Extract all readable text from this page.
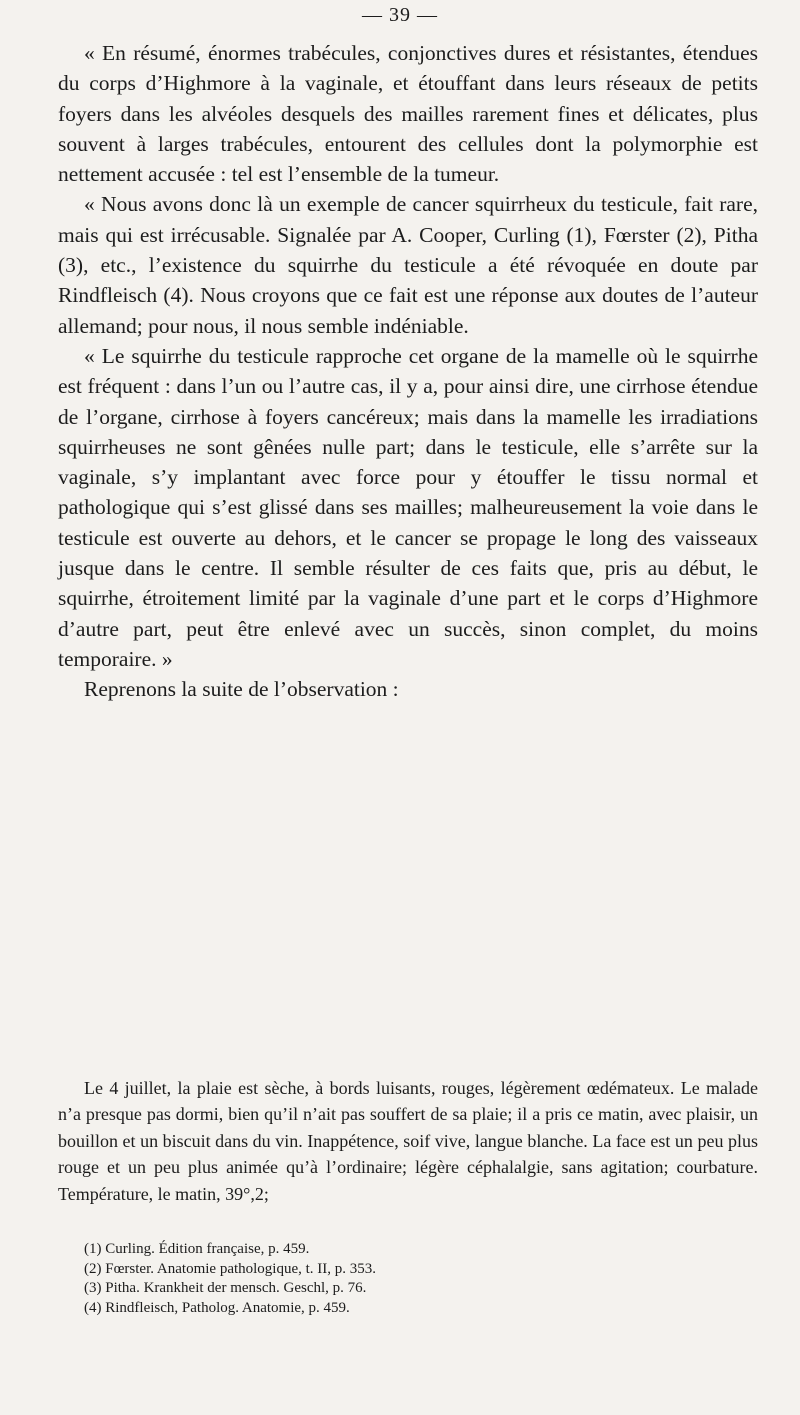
— 39 —

« En résumé, énormes trabécules, conjonctives dures et résistantes, étendues du corps d’Highmore à la vaginale, et étouffant dans leurs réseaux de petits foyers dans les alvéoles desquels des mailles rarement fines et délicates, plus souvent à larges trabécules, entourent des cellules dont la polymorphie est nettement accusée : tel est l’ensemble de la tumeur.

« Nous avons donc là un exemple de cancer squirrheux du testicule, fait rare, mais qui est irrécusable. Signalée par A. Cooper, Curling (1), Fœrster (2), Pitha (3), etc., l’existence du squirrhe du testicule a été révoquée en doute par Rindfleisch (4). Nous croyons que ce fait est une réponse aux doutes de l’auteur allemand; pour nous, il nous semble indéniable.

« Le squirrhe du testicule rapproche cet organe de la mamelle où le squirrhe est fréquent : dans l’un ou l’autre cas, il y a, pour ainsi dire, une cirrhose étendue de l’organe, cirrhose à foyers cancéreux; mais dans la mamelle les irradiations squirrheuses ne sont gênées nulle part; dans le testicule, elle s’arrête sur la vaginale, s’y implantant avec force pour y étouffer le tissu normal et pathologique qui s’est glissé dans ses mailles; malheureusement la voie dans le testicule est ouverte au dehors, et le cancer se propage le long des vaisseaux jusque dans le centre. Il semble résulter de ces faits que, pris au début, le squirrhe, étroitement limité par la vaginale d’une part et le corps d’Highmore d’autre part, peut être enlevé avec un succès, sinon complet, du moins temporaire. »

Reprenons la suite de l’observation :

Le 4 juillet, la plaie est sèche, à bords luisants, rouges, légèrement œdémateux. Le malade n’a presque pas dormi, bien qu’il n’ait pas souffert de sa plaie; il a pris ce matin, avec plaisir, un bouillon et un biscuit dans du vin. Inappétence, soif vive, langue blanche. La face est un peu plus rouge et un peu plus animée qu’à l’ordinaire; légère céphalalgie, sans agitation; courbature. Température, le matin, 39°,2;

(1) Curling. Édition française, p. 459.
(2) Fœrster. Anatomie pathologique, t. II, p. 353.
(3) Pitha. Krankheit der mensch. Geschl, p. 76.
(4) Rindfleisch, Patholog. Anatomie, p. 459.
